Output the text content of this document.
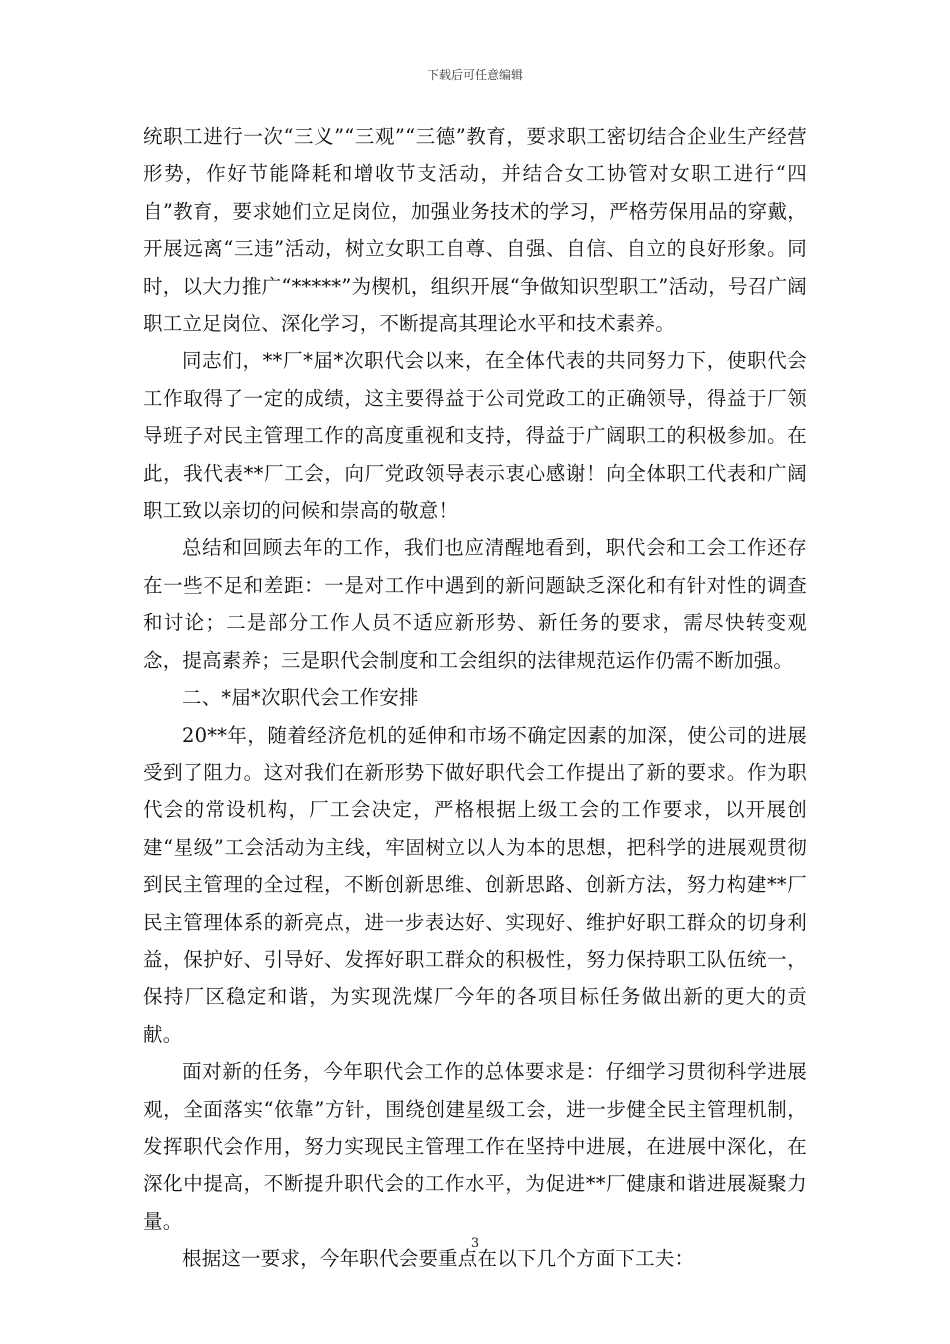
下载后可任意编辑

统职工进行一次“三义”“三观”“三德”教育，要求职工密切结合企业生产经营形势，作好节能降耗和增收节支活动，并结合女工协管对女职工进行“四自”教育，要求她们立足岗位，加强业务技术的学习，严格劳保用品的穿戴，开展远离“三违”活动，树立女职工自尊、自强、自信、自立的良好形象。同时，以大力推广“*****”为楔机，组织开展“争做知识型职工”活动，号召广阔职工立足岗位、深化学习，不断提高其理论水平和技术素养。

同志们，**厂*届*次职代会以来，在全体代表的共同努力下，使职代会工作取得了一定的成绩，这主要得益于公司党政工的正确领导，得益于厂领导班子对民主管理工作的高度重视和支持，得益于广阔职工的积极参加。在此，我代表**厂工会，向厂党政领导表示衷心感谢！向全体职工代表和广阔职工致以亲切的问候和崇高的敬意！

总结和回顾去年的工作，我们也应清醒地看到，职代会和工会工作还存在一些不足和差距：一是对工作中遇到的新问题缺乏深化和有针对性的调查和讨论；二是部分工作人员不适应新形势、新任务的要求，需尽快转变观念，提高素养；三是职代会制度和工会组织的法律规范运作仍需不断加强。

二、*届*次职代会工作安排

20**年，随着经济危机的延伸和市场不确定因素的加深，使公司的进展受到了阻力。这对我们在新形势下做好职代会工作提出了新的要求。作为职代会的常设机构，厂工会决定，严格根据上级工会的工作要求，以开展创建“星级”工会活动为主线，牢固树立以人为本的思想，把科学的进展观贯彻到民主管理的全过程，不断创新思维、创新思路、创新方法，努力构建**厂民主管理体系的新亮点，进一步表达好、实现好、维护好职工群众的切身利益，保护好、引导好、发挥好职工群众的积极性，努力保持职工队伍统一，保持厂区稳定和谐，为实现洗煤厂今年的各项目标任务做出新的更大的贡献。

面对新的任务，今年职代会工作的总体要求是：仔细学习贯彻科学进展观，全面落实“依靠”方针，围绕创建星级工会，进一步健全民主管理机制，发挥职代会作用，努力实现民主管理工作在坚持中进展，在进展中深化，在深化中提高，不断提升职代会的工作水平，为促进**厂健康和谐进展凝聚力量。

根据这一要求，今年职代会要重点在以下几个方面下工夫：

3
